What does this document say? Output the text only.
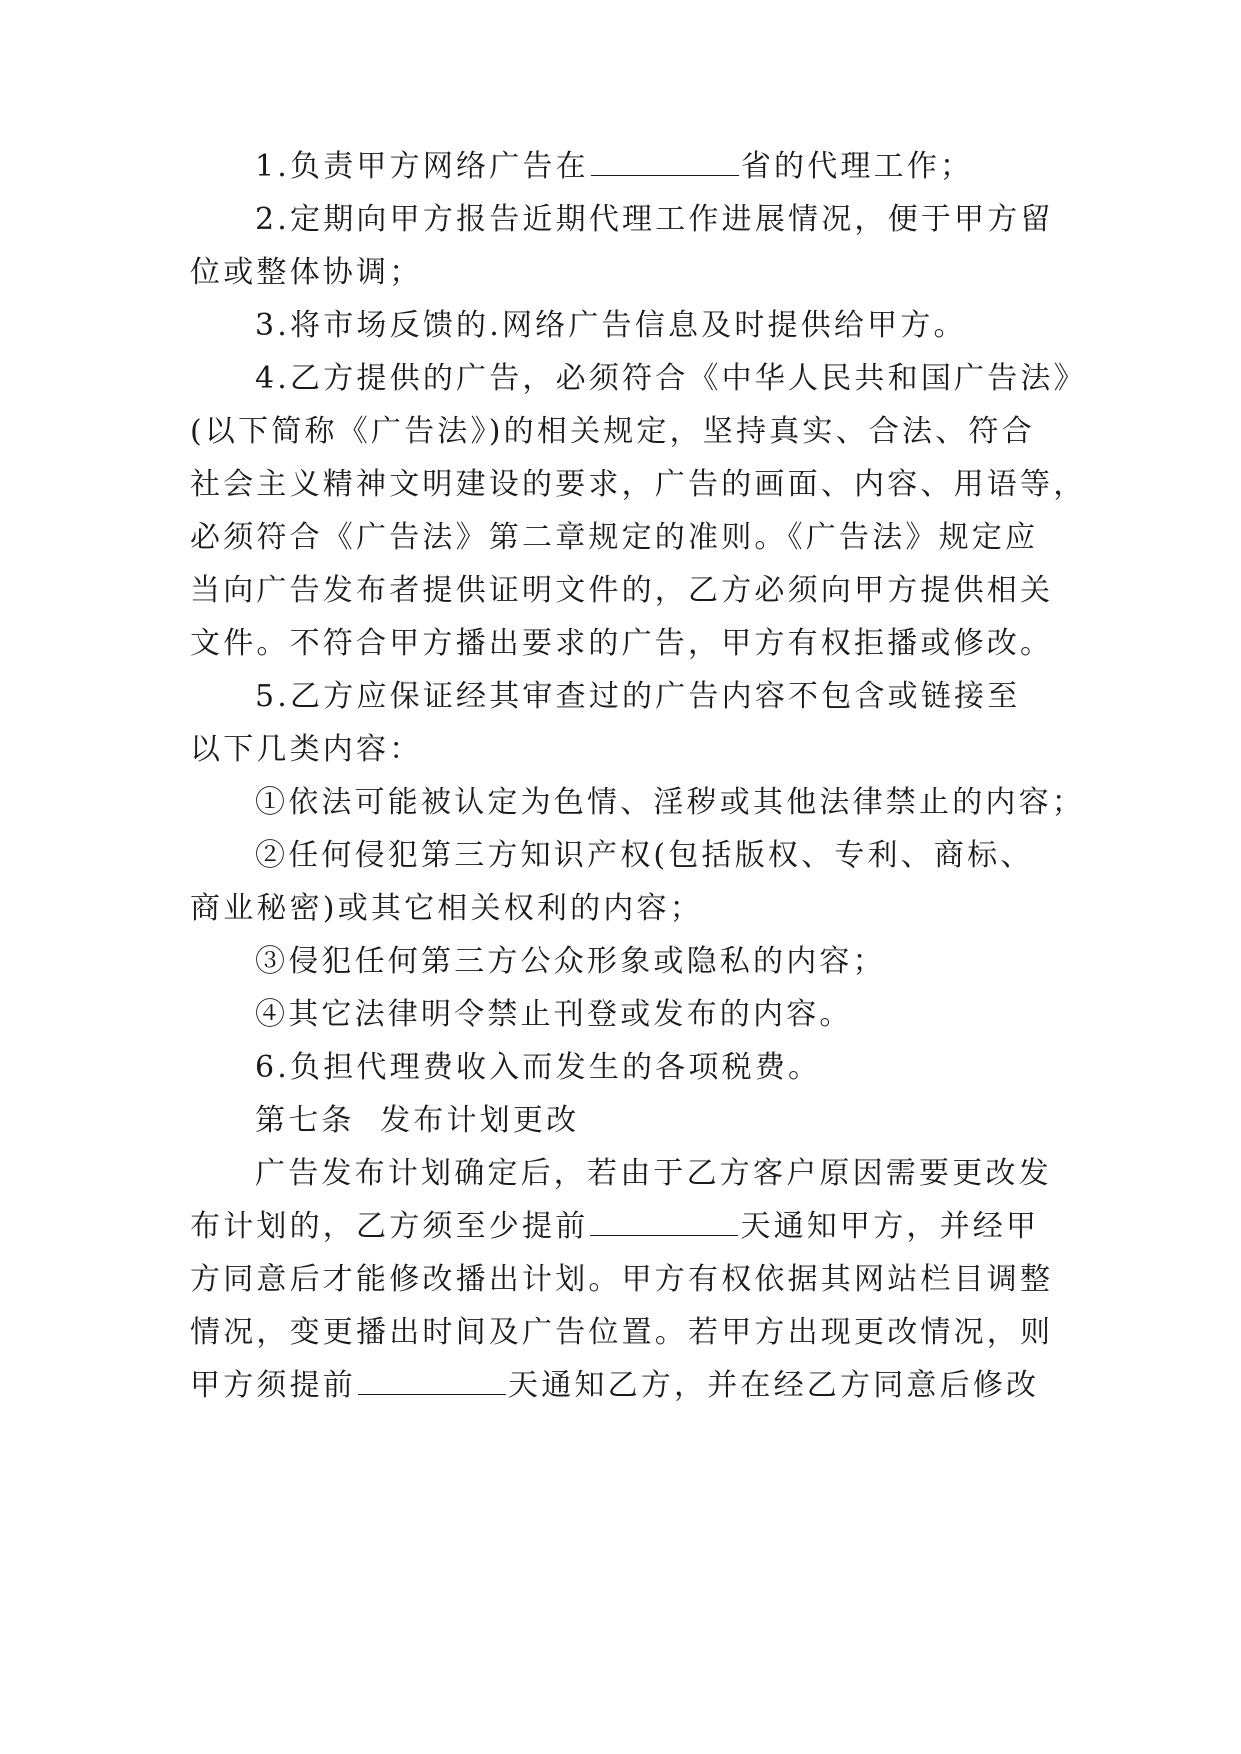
1.负责甲方网络广告在	省的代理工作；
2.定期向甲方报告近期代理工作进展情况，便于甲方留
位或整体协调；
3.将市场反馈的.网络广告信息及时提供给甲方。
4.乙方提供的广告，必须符合《中华人民共和国广告法》
(以下简称《广告法》)的相关规定，坚持真实、合法、符合
社会主义精神文明建设的要求，广告的画面、内容、用语等，
必须符合《广告法》第二章规定的准则。《广告法》规定应
当向广告发布者提供证明文件的，乙方必须向甲方提供相关
文件。不符合甲方播出要求的广告，甲方有权拒播或修改。
5.乙方应保证经其审查过的广告内容不包含或链接至
以下几类内容：
①依法可能被认定为色情、淫秽或其他法律禁止的内容；
②任何侵犯第三方知识产权(包括版权、专利、商标、
商业秘密)或其它相关权利的内容；
③侵犯任何第三方公众形象或隐私的内容；
④其它法律明令禁止刊登或发布的内容。
6.负担代理费收入而发生的各项税费。
第七条  发布计划更改
广告发布计划确定后，若由于乙方客户原因需要更改发
布计划的，乙方须至少提前	天通知甲方，并经甲
方同意后才能修改播出计划。甲方有权依据其网站栏目调整
情况，变更播出时间及广告位置。若甲方出现更改情况，则
甲方须提前	天通知乙方，并在经乙方同意后修改
